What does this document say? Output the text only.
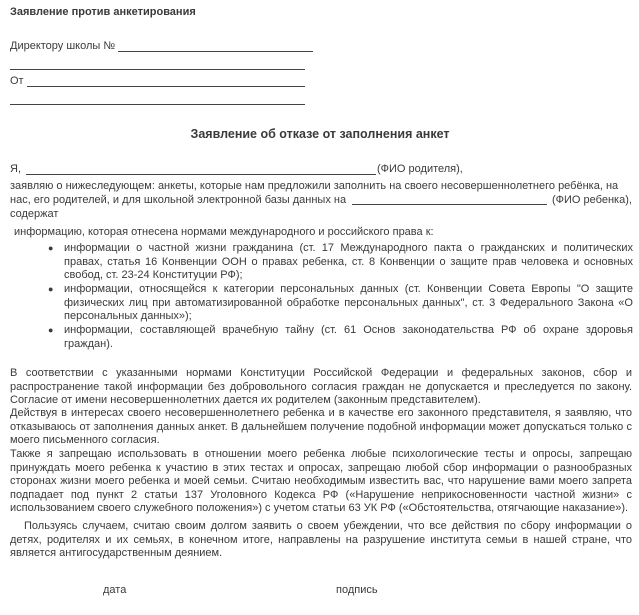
Заявление против анкетирования
Директору школы №
От
Заявление об отказе от заполнения анкет
Я,	(ФИО родителя),
заявляю о нижеследующем: анкеты, которые нам предложили заполнить на своего несовершеннолетнего ребёнка, на
нас, его родителей, и для школьной электронной базы данных на	(ФИО ребенка),
содержат
информацию, которая отнесена нормами международного и российского права к:
● информации о частной жизни гражданина (ст. 17 Международного пакта о гражданских и политических правах, статья 16 Конвенции ООН о правах ребенка, ст. 8 Конвенции о защите прав человека и основных свобод, ст. 23-24 Конституции РФ);
● информации, относящейся к категории персональных данных (ст. Конвенции Совета Европы "О защите физических лиц при автоматизированной обработке персональных данных", ст. 3 Федерального Закона «О персональных данных»);
● информации, составляющей врачебную тайну (ст. 61 Основ законодательства РФ об охране здоровья граждан).
В соответствии с указанными нормами Конституции Российской Федерации и федеральных законов, сбор и распространение такой информации без добровольного согласия граждан не допускается и преследуется по закону. Согласие от имени несовершеннолетних дается их родителем (законным представителем).
Действуя в интересах своего несовершеннолетнего ребенка и в качестве его законного представителя, я заявляю, что отказываюсь от заполнения данных анкет. В дальнейшем получение подобной информации может допускаться только с моего письменного согласия.
Также я запрещаю использовать в отношении моего ребенка любые психологические тесты и опросы, запрещаю принуждать моего ребенка к участию в этих тестах и опросах, запрещаю любой сбор информации о разнообразных сторонах жизни моего ребенка и моей семьи. Считаю необходимым известить вас, что нарушение вами моего запрета подпадает под пункт 2 статьи 137 Уголовного Кодекса РФ («Нарушение неприкосновенности частной жизни» с использованием своего служебного положения») с учетом статьи 63 УК РФ («Обстоятельства, отягчающие наказание»).
Пользуясь случаем, считаю своим долгом заявить о своем убеждении, что все действия по сбору информации о детях, родителях и их семьях, в конечном итоге, направлены на разрушение института семьи в нашей стране, что является антигосударственным деянием.
дата	подпись
